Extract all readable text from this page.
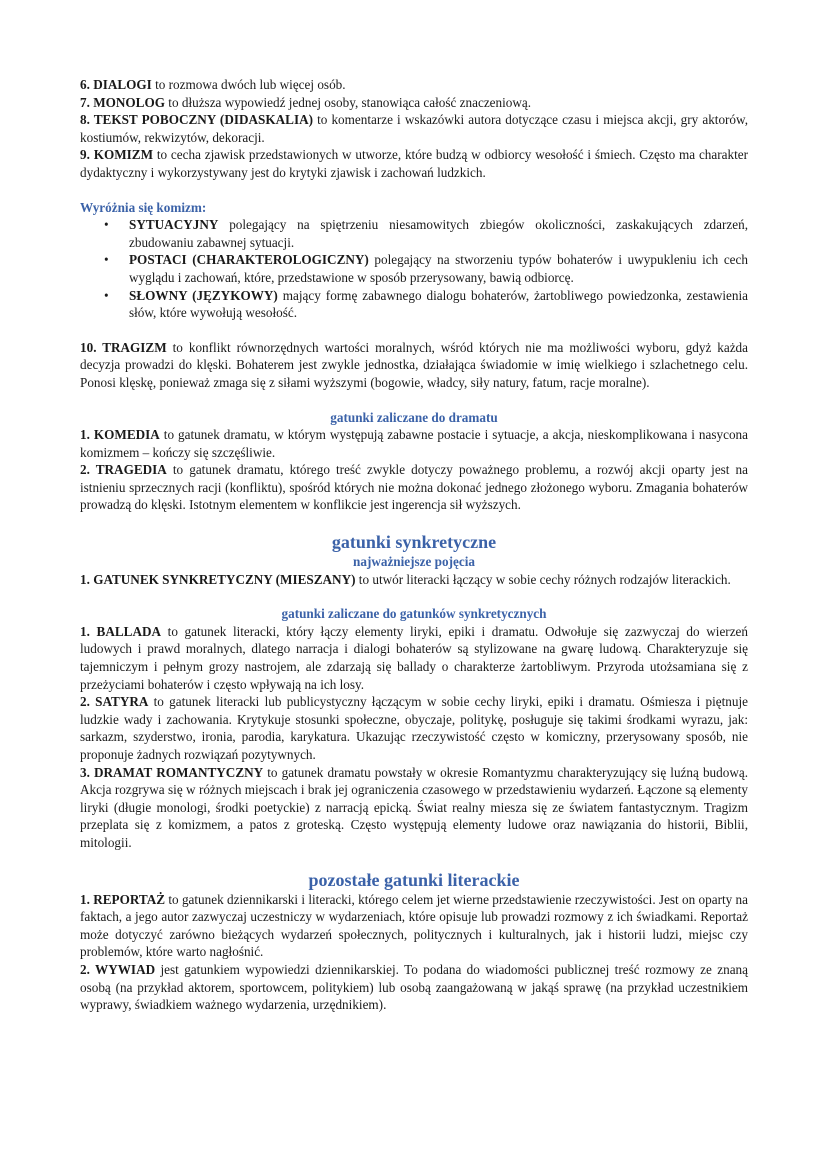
6. DIALOGI to rozmowa dwóch lub więcej osób.

7. MONOLOG to dłuższa wypowiedź jednej osoby, stanowiąca całość znaczeniową.

8. TEKST POBOCZNY (DIDASKALIA) to komentarze i wskazówki autora dotyczące czasu i miejsca akcji, gry aktorów, kostiumów, rekwizytów, dekoracji.

9. KOMIZM to cecha zjawisk przedstawionych w utworze, które budzą w odbiorcy wesołość i śmiech. Często ma charakter dydaktyczny i wykorzystywany jest do krytyki zjawisk i zachowań ludzkich.

Wyróżnia się komizm:

• SYTUACYJNY polegający na spiętrzeniu niesamowitych zbiegów okoliczności, zaskakujących zdarzeń, zbudowaniu zabawnej sytuacji.
• POSTACI (CHARAKTEROLOGICZNY) polegający na stworzeniu typów bohaterów i uwypukleniu ich cech wyglądu i zachowań, które, przedstawione w sposób przerysowany, bawią odbiorcę.
• SŁOWNY (JĘZYKOWY) mający formę zabawnego dialogu bohaterów, żartobliwego powiedzonka, zestawienia słów, które wywołują wesołość.

10. TRAGIZM to konflikt równorzędnych wartości moralnych, wśród których nie ma możliwości wyboru, gdyż każda decyzja prowadzi do klęski. Bohaterem jest zwykle jednostka, działająca świadomie w imię wielkiego i szlachetnego celu. Ponosi klęskę, ponieważ zmaga się z siłami wyższymi (bogowie, władcy, siły natury, fatum, racje moralne).

gatunki zaliczane do dramatu

1. KOMEDIA to gatunek dramatu, w którym występują zabawne postacie i sytuacje, a akcja, nieskomplikowana i nasycona komizmem – kończy się szczęśliwie.

2. TRAGEDIA to gatunek dramatu, którego treść zwykle dotyczy poważnego problemu, a rozwój akcji oparty jest na istnieniu sprzecznych racji (konfliktu), spośród których nie można dokonać jednego złożonego wyboru. Zmagania bohaterów prowadzą do klęski. Istotnym elementem w konflikcie jest ingerencja sił wyższych.

gatunki synkretyczne

najważniejsze pojęcia

1. GATUNEK SYNKRETYCZNY (MIESZANY) to utwór literacki łączący w sobie cechy różnych rodzajów literackich.

gatunki zaliczane do gatunków synkretycznych

1. BALLADA to gatunek literacki, który łączy elementy liryki, epiki i dramatu. Odwołuje się zazwyczaj do wierzeń ludowych i prawd moralnych, dlatego narracja i dialogi bohaterów są stylizowane na gwarę ludową. Charakteryzuje się tajemniczym i pełnym grozy nastrojem, ale zdarzają się ballady o charakterze żartobliwym. Przyroda utożsamiana się z przeżyciami bohaterów i często wpływają na ich losy.

2. SATYRA to gatunek literacki lub publicystyczny łączącym w sobie cechy liryki, epiki i dramatu. Ośmiesza i piętnuje ludzkie wady i zachowania. Krytykuje stosunki społeczne, obyczaje, politykę, posługuje się takimi środkami wyrazu, jak: sarkazm, szyderstwo, ironia, parodia, karykatura. Ukazując rzeczywistość często w komiczny, przerysowany sposób, nie proponuje żadnych rozwiązań pozytywnych.

3. DRAMAT ROMANTYCZNY to gatunek dramatu powstały w okresie Romantyzmu charakteryzujący się luźną budową. Akcja rozgrywa się w różnych miejscach i brak jej ograniczenia czasowego w przedstawieniu wydarzeń. Łączone są elementy liryki (długie monologi, środki poetyckie) z narracją epicką. Świat realny miesza się ze światem fantastycznym. Tragizm przeplata się z komizmem, a patos z groteską. Często występują elementy ludowe oraz nawiązania do historii, Biblii, mitologii.

pozostałe gatunki literackie

1. REPORTAŻ to gatunek dziennikarski i literacki, którego celem jet wierne przedstawienie rzeczywistości. Jest on oparty na faktach, a jego autor zazwyczaj uczestniczy w wydarzeniach, które opisuje lub prowadzi rozmowy z ich świadkami. Reportaż może dotyczyć zarówno bieżących wydarzeń społecznych, politycznych i kulturalnych, jak i historii ludzi, miejsc czy problemów, które warto nagłośnić.

2. WYWIAD jest gatunkiem wypowiedzi dziennikarskiej. To podana do wiadomości publicznej treść rozmowy ze znaną osobą (na przykład aktorem, sportowcem, politykiem) lub osobą zaangażowaną w jakąś sprawę (na przykład uczestnikiem wyprawy, świadkiem ważnego wydarzenia, urzędnikiem).
